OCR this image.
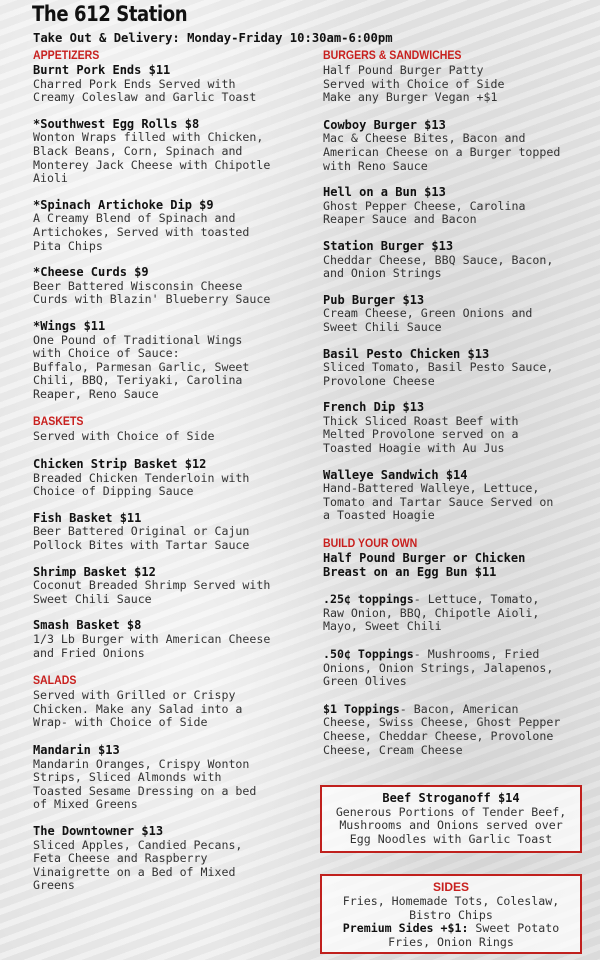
The 612 Station
Take Out & Delivery: Monday-Friday 10:30am-6:00pm
APPETIZERS
Burnt Pork Ends $11
Charred Pork Ends Served with
Creamy Coleslaw and Garlic Toast
*Southwest Egg Rolls $8
Wonton Wraps filled with Chicken,
Black Beans, Corn, Spinach and
Monterey Jack Cheese with Chipotle
Aioli
*Spinach Artichoke Dip $9
A Creamy Blend of Spinach and
Artichokes, Served with toasted
Pita Chips
*Cheese Curds $9
Beer Battered Wisconsin Cheese
Curds with Blazin' Blueberry Sauce
*Wings $11
One Pound of Traditional Wings
with Choice of Sauce:
Buffalo, Parmesan Garlic, Sweet
Chili, BBQ, Teriyaki, Carolina
Reaper, Reno Sauce
BASKETS
Served with Choice of Side
Chicken Strip Basket $12
Breaded Chicken Tenderloin with
Choice of Dipping Sauce
Fish Basket $11
Beer Battered Original or Cajun
Pollock Bites with Tartar Sauce
Shrimp Basket $12
Coconut Breaded Shrimp Served with
Sweet Chili Sauce
Smash Basket $8
1/3 Lb Burger with American Cheese
and Fried Onions
SALADS
Served with Grilled or Crispy
Chicken. Make any Salad into a
Wrap- with Choice of Side
Mandarin $13
Mandarin Oranges, Crispy Wonton
Strips, Sliced Almonds with
Toasted Sesame Dressing on a bed
of Mixed Greens
The Downtowner $13
Sliced Apples, Candied Pecans,
Feta Cheese and Raspberry
Vinaigrette on a Bed of Mixed
Greens
BURGERS & SANDWICHES
Half Pound Burger Patty
Served with Choice of Side
Make any Burger Vegan +$1
Cowboy Burger $13
Mac & Cheese Bites, Bacon and
American Cheese on a Burger topped
with Reno Sauce
Hell on a Bun $13
Ghost Pepper Cheese, Carolina
Reaper Sauce and Bacon
Station Burger $13
Cheddar Cheese, BBQ Sauce, Bacon,
and Onion Strings
Pub Burger $13
Cream Cheese, Green Onions and
Sweet Chili Sauce
Basil Pesto Chicken $13
Sliced Tomato, Basil Pesto Sauce,
Provolone Cheese
French Dip $13
Thick Sliced Roast Beef with
Melted Provolone served on a
Toasted Hoagie with Au Jus
Walleye Sandwich $14
Hand-Battered Walleye, Lettuce,
Tomato and Tartar Sauce Served on
a Toasted Hoagie
BUILD YOUR OWN
Half Pound Burger or Chicken
Breast on an Egg Bun $11
.25¢ toppings- Lettuce, Tomato,
Raw Onion, BBQ, Chipotle Aioli,
Mayo, Sweet Chili
.50¢ Toppings- Mushrooms, Fried
Onions, Onion Strings, Jalapenos,
Green Olives
$1 Toppings- Bacon, American
Cheese, Swiss Cheese, Ghost Pepper
Cheese, Cheddar Cheese, Provolone
Cheese, Cream Cheese
Beef Stroganoff $14
Generous Portions of Tender Beef,
Mushrooms and Onions served over
Egg Noodles with Garlic Toast
SIDES
Fries, Homemade Tots, Coleslaw,
Bistro Chips
Premium Sides +$1: Sweet Potato
Fries, Onion Rings
